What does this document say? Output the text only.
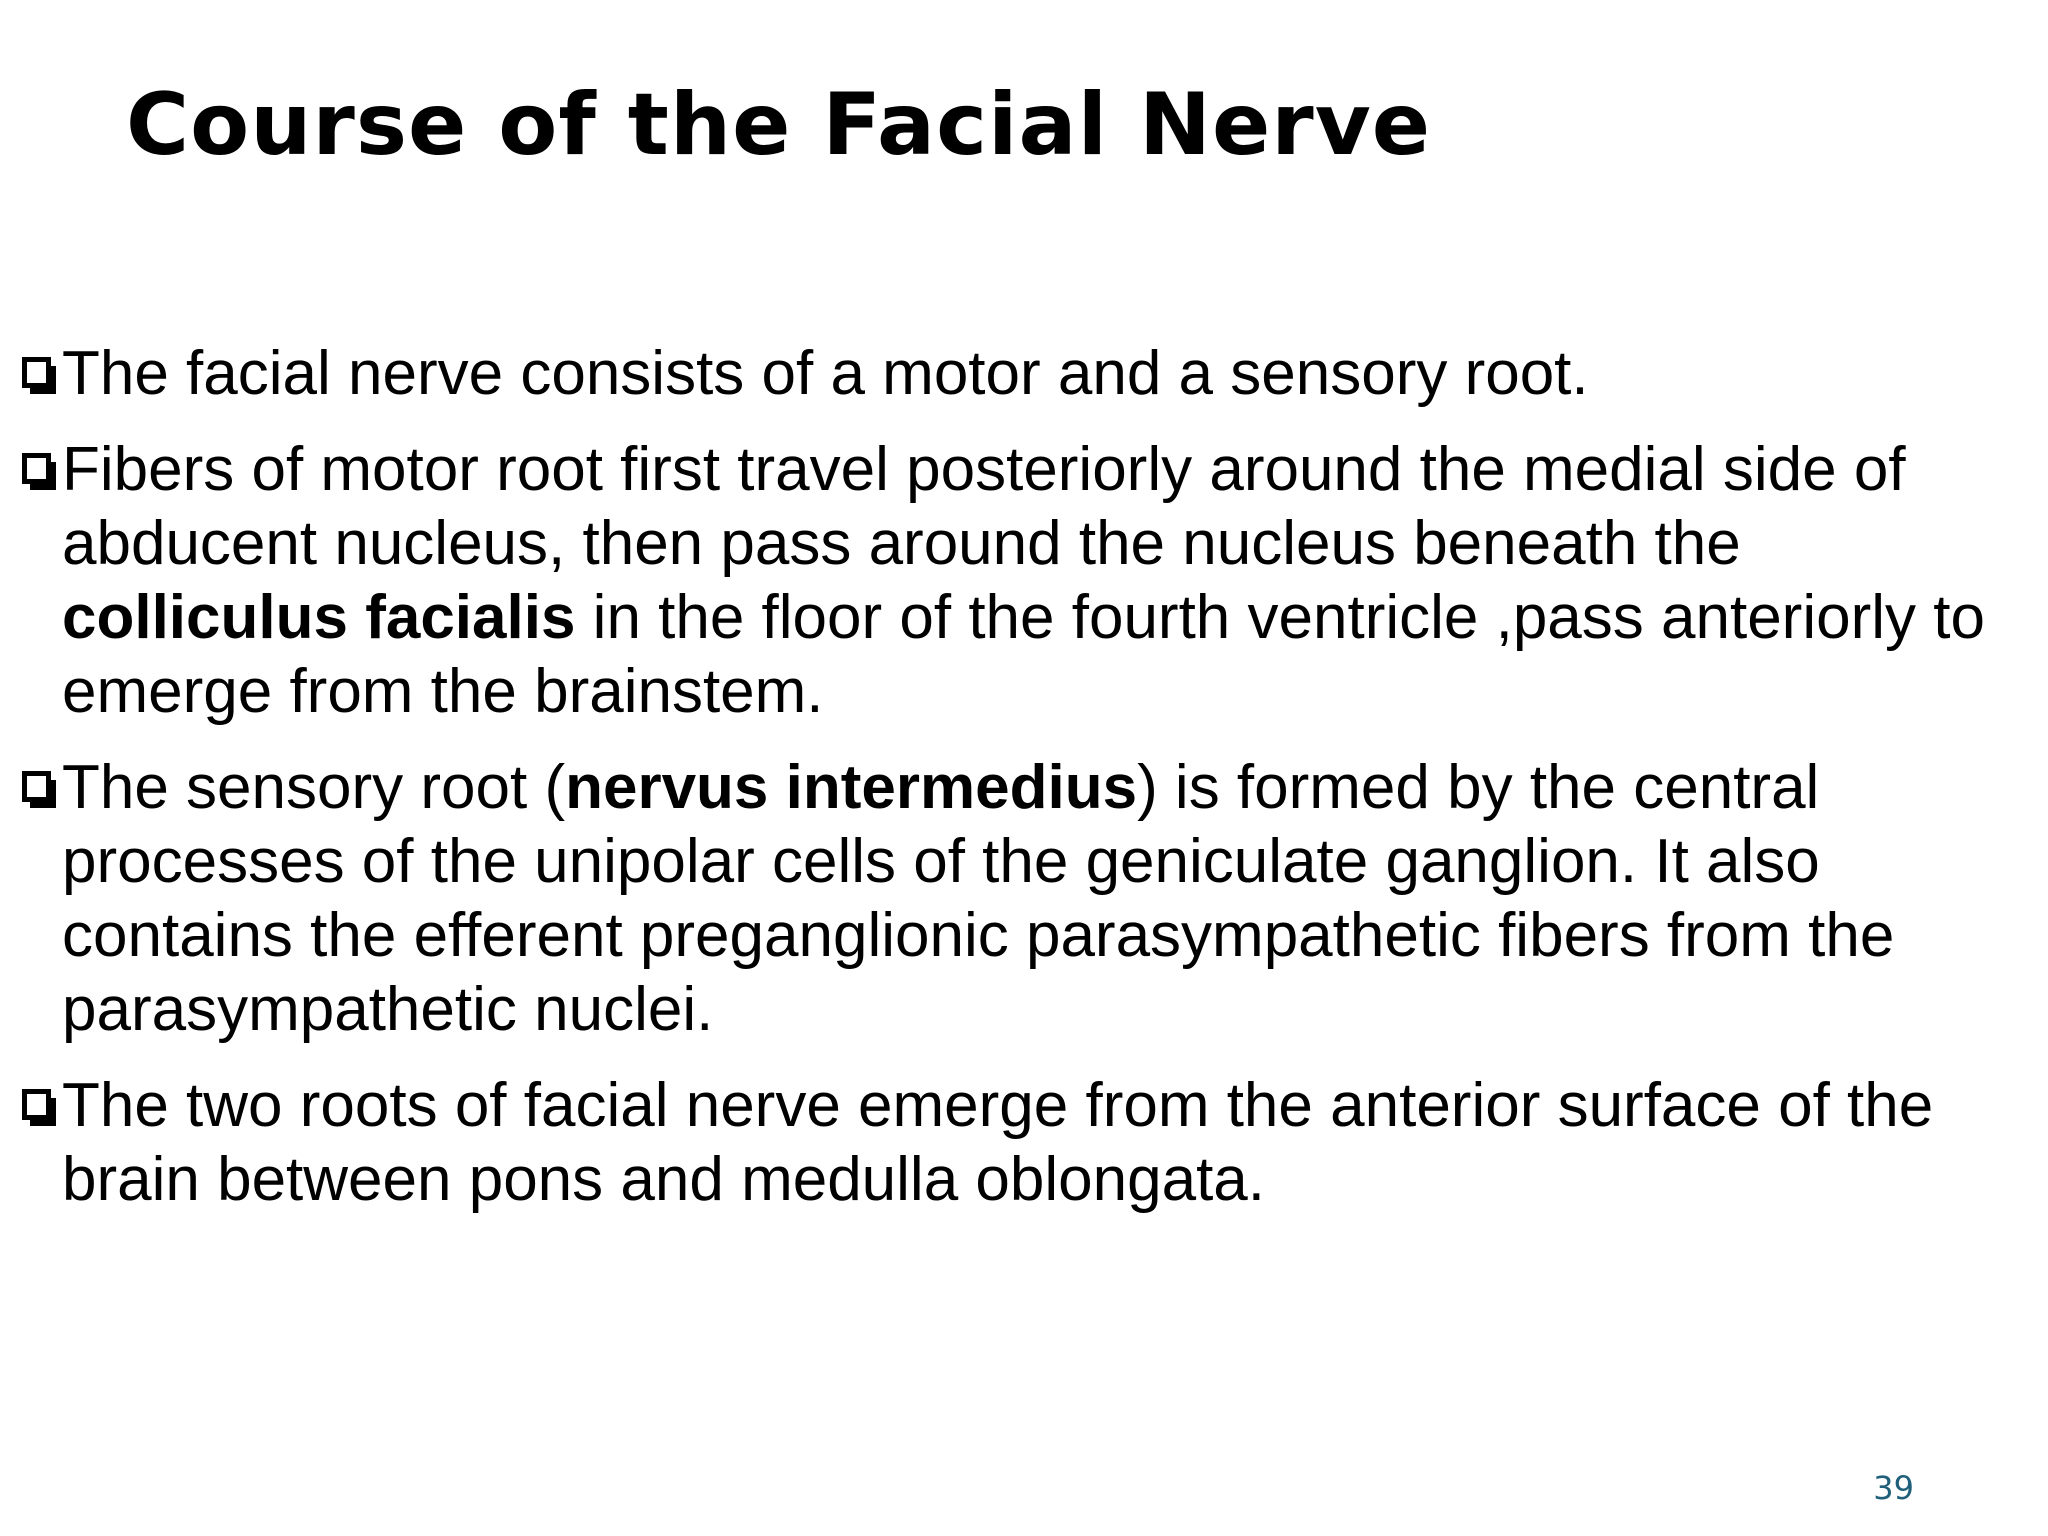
Course of the Facial Nerve
The facial nerve consists of a motor and a sensory root.
Fibers of motor root first travel posteriorly around the medial side of abducent nucleus, then pass around the nucleus beneath the colliculus facialis in the floor of the fourth ventricle ,pass anteriorly to emerge from the brainstem.
The sensory root (nervus intermedius) is formed by the central processes of the unipolar cells of the geniculate ganglion. It also contains the efferent preganglionic parasympathetic fibers from the parasympathetic nuclei.
The two roots of facial nerve emerge from the anterior surface of the brain between pons and medulla oblongata.
39
